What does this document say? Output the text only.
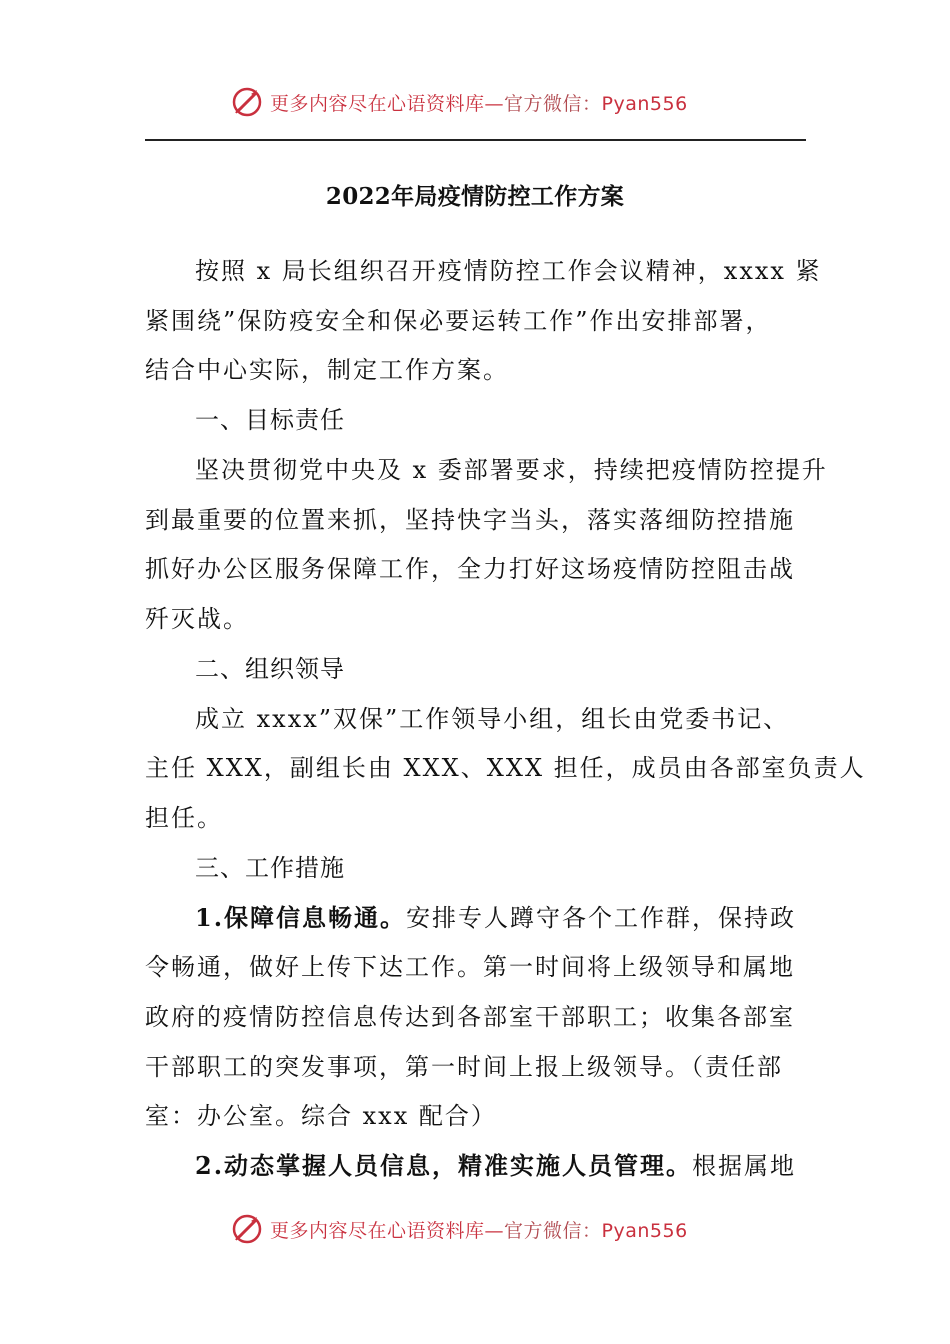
更多内容尽在心语资料库—官方微信：Pyan556
2022年局疫情防控工作方案
按照 x 局长组织召开疫情防控工作会议精神，xxxx 紧
紧围绕”保防疫安全和保必要运转工作”作出安排部署，
结合中心实际，制定工作方案。
一、目标责任
坚决贯彻党中央及 x 委部署要求，持续把疫情防控提升
到最重要的位置来抓，坚持快字当头，落实落细防控措施
抓好办公区服务保障工作，全力打好这场疫情防控阻击战
歼灭战。
二、组织领导
成立 xxxx”双保”工作领导小组，组长由党委书记、
主任 XXX，副组长由 XXX、XXX 担任，成员由各部室负责人
担任。
三、工作措施
1.保障信息畅通。安排专人蹲守各个工作群，保持政
令畅通，做好上传下达工作。第一时间将上级领导和属地
政府的疫情防控信息传达到各部室干部职工；收集各部室
干部职工的突发事项，第一时间上报上级领导。（责任部
室：办公室。综合 xxx 配合）
2.动态掌握人员信息，精准实施人员管理。根据属地
更多内容尽在心语资料库—官方微信：Pyan556
